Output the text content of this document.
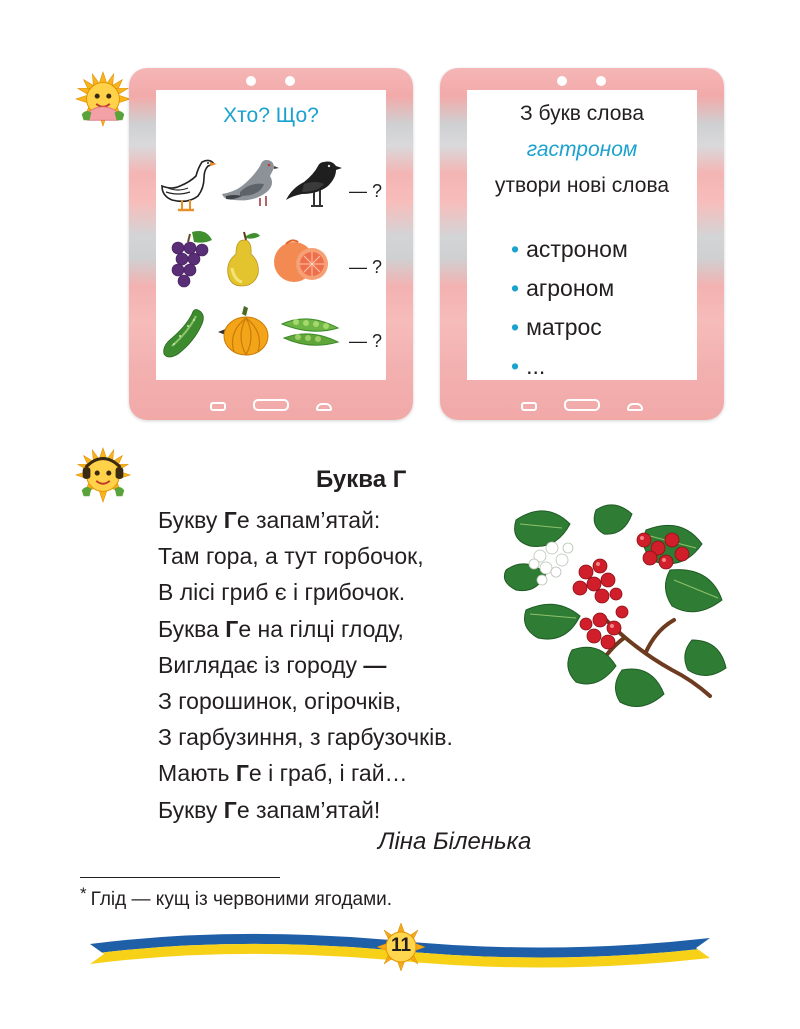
Хто? Що?
— ?
— ?
— ?
З букв слова
гастроном
утвори нові слова
• астроном
• агроном
• матрос
• ...
Буква Г
Букву Ге запам’ятай:
Там гора, а тут горбочок,
В лісі гриб є і грибочок.
Буква Ге на гілці глоду,
Виглядає із городу —
З горошинок, огірочків,
З гарбузиння, з гарбузочків.
Мають Ге і граб, і гай…
Букву Ге запам’ятай!
Ліна Біленька
* Глід — кущ із червоними ягодами.
11
